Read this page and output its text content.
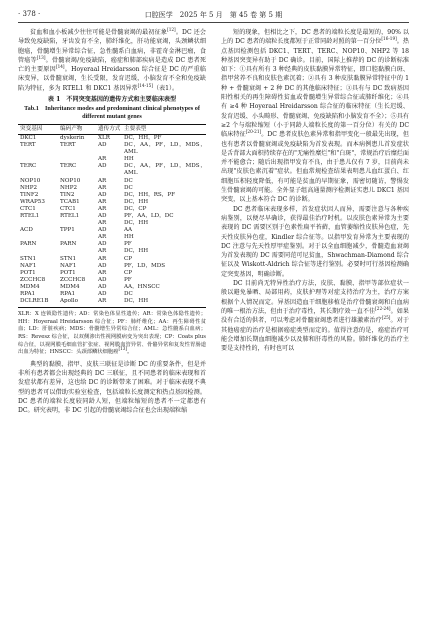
· 378 ·	口腔医学　2025 年 5 月　第 45 卷 第 5 期

贫血和血小板减少往往可能是骨髓衰竭的最初征象[12]。DC 还会导致免疫缺陷，牙齿发育不全，肺纤维化，肝功能衰竭，头颈鳞状细胞癌，骨髓增生异常综合征，急性髓系白血病，非霍奇金淋巴瘤，食管癌等[13]。骨髓衰竭/免疫缺陷，癌症和肺部疾病是造成 DC 患者死亡的主要原因[14]。Hoyeraal Hreidarsson 综合征是 DC 的严重临床变异，以骨髓衰竭，生长受限，发育迟缓，小脑发育不全和免疫缺陷为特征，多为 RTEL1 和 DKC1 基因异常[14-15]（表1）。

表 1　不同突变基因的遗传方式和主要临床表型
Tab.1　Inheritance modes and predominant clinical phenotypes of different mutant genes
突变基因	编码产物	遗传方式	主要表型
DKC1	dyskerin	XLR	DC，HH，PF

TERT	TERT	AD	DC，AA，PF，LD，MDS，AML

		AR	HH

TERC	TERC	AD	DC，AA，PF，LD，MDS，AML

NOP10	NOP10	AR	DC

NHP2	NHP2	AR	DC

TINF2	TIN2	AD	DC，HH，RS，PF

WRAP53	TCAB1	AR	DC，HH

CTC1	CTC1	AR	DC，CP

RTEL1	RTEL1	AD	PF，AA，LD，DC

		AR	DC，HH

ACD	TPP1	AD	AA

		AR	HH

PARN	PARN	AD	PF

		AR	DC，HH

STN1	STN1	AR	CP

NAF1	NAF1	AD	PF，LD，MDS

POT1	POT1	AR	CP

ZCCHC8	ZCCHC8	AD	PF

MDM4	MDM4	AD	AA，HNSCC

RPA1	RPA1	AD	DC

DCLRE1B	Apollo	AR	DC，HH
XLR：X 连锁隐性遗传；AD：常染色体显性遗传；AR：常染色体隐性遗传；HH：Hoyeraal Hreidarsson 综合征；PF：肺纤维化；AA：再生障碍性贫血；LD：肝脏疾病；MDS：骨髓增生异常综合征；AML：急性髓系白血病；RS：Revesz 综合征，以双侧渗出性视网膜病变为突出表现；CP：Coats plus 综合征，以视网膜毛细血管扩张症、视网膜血管异常、骨骼异常和复发性胃肠道出血为特征；HNSCC：头颈部鳞状细胞癌[13]。

典型的黏膜、指甲、皮肤三联征是诊断 DC 的重要条件，但是并非所有患者都会出现经典的 DC 三联征，且不同患者的临床表现和首发症状都有差异，这也给 DC 的诊断带来了困难。对于临床表现不典型的患者可以借助实验室检查，包括端粒长度测定和热点基因检测。DC 患者的端粒长度较同龄人短，但端粒缩短的患者不一定都患有 DC。研究表明，非 DC 引起的骨髓衰竭综合征也会出现端粒缩

短的现象，但相比之下，DC 患者的端粒长度是最短的，90% 以上的 DC 患者的端粒长度都短于正常同龄对照的第一百分位[16-19]。热点基因检测包括 DKC1、TERT、TERC、NOP10、NHP2 等 18 种基因突变异有助于 DC 确诊。目前，国际上推荐的 DC 的诊断标准如下：①具有所有 3 种经典的皮肤黏膜异常特征，即口腔黏膜白斑、指甲营养不良和皮肤色素沉着；②具有 3 种皮肤黏膜异常特征中的 1 种 + 骨髓衰竭 + 2 种 DC 的其他临床特征；③具有与 DC 致病基因阳性相关的再生障碍性贫血或骨髓增生异常综合征或肺纤维化；④具有 ≥4 种 Hoyeraal Hreidarsson 综合征的临床特征（生长迟缓、发育迟缓、小头畸形、骨髓衰竭、免疫缺陷和小脑发育不全）；⑤具有 ≥2 个与端粒缩短（小于同龄人端粒长度的第一百分位）有关的 DC 临床特征[20-21]。DC 患者皮肤色素异常和指甲变化一般最先出现，但也有患者以骨髓衰竭或免疫缺陷为首发表现。而本病例患儿首发症状是舌背部大面积持续存在的"无痛性糜烂"和"白斑"，常规治疗后糜烂面并不能愈合；随后出现指甲发育不良，由于患儿仅有 7 岁，目前尚未出现"皮肤色素沉着"症状。但血常规检查结果表明患儿血红蛋白、红细胞压积轻度降低，有可能是贫血的早期征象，需密切随访，警惕发生骨髓衰竭的可能。全外显子组高通量测序检测证实患儿 DKC1 基因突变，以上基本符合 DC 的诊断。

DC 患者临床表现多样，首发症状因人而异，需要注意与各种疾病鉴别，以便尽早确诊，获得最佳治疗时机。以皮肤色素异常为主要表现的 DC 需要区别于色素性扁平苔藓，血管萎缩性皮肤异色症，先天性皮肤异色症，Kindler 综合征等。以指甲发育异常为主要表现的 DC 注意与先天性厚甲症鉴别。对于以全血细胞减少，骨髓造血衰竭为首发表现的 DC 需要同范可尼贫血，Shwachman-Diamond 综合征以及 Wiskott-Aldrich 综合征等进行鉴别。必要时可行基因检测确定突变基因，明确诊断。

DC 目前尚无特异性治疗方法，皮肤、黏膜、指甲等部位症状一般以避免暴晒、局部用药，皮肤护理等对症支持治疗为主，治疗方案根据个人情况而定。异基因造血干细胞移植是治疗骨髓衰竭和白血病的唯一根治方法，但由于治疗毒性，其长期疗效一直不佳[22-24]。如果没有合适的供者，可以考虑对骨髓衰竭患者进行雄激素治疗[25]。对于其他癌症的治疗是根据癌症类型而定的。值得注意的是，癌症治疗可能会增加长期血细胞减少以及肺和肝毒性的风险。肺纤维化的治疗主要是支持性的，有时也可以
